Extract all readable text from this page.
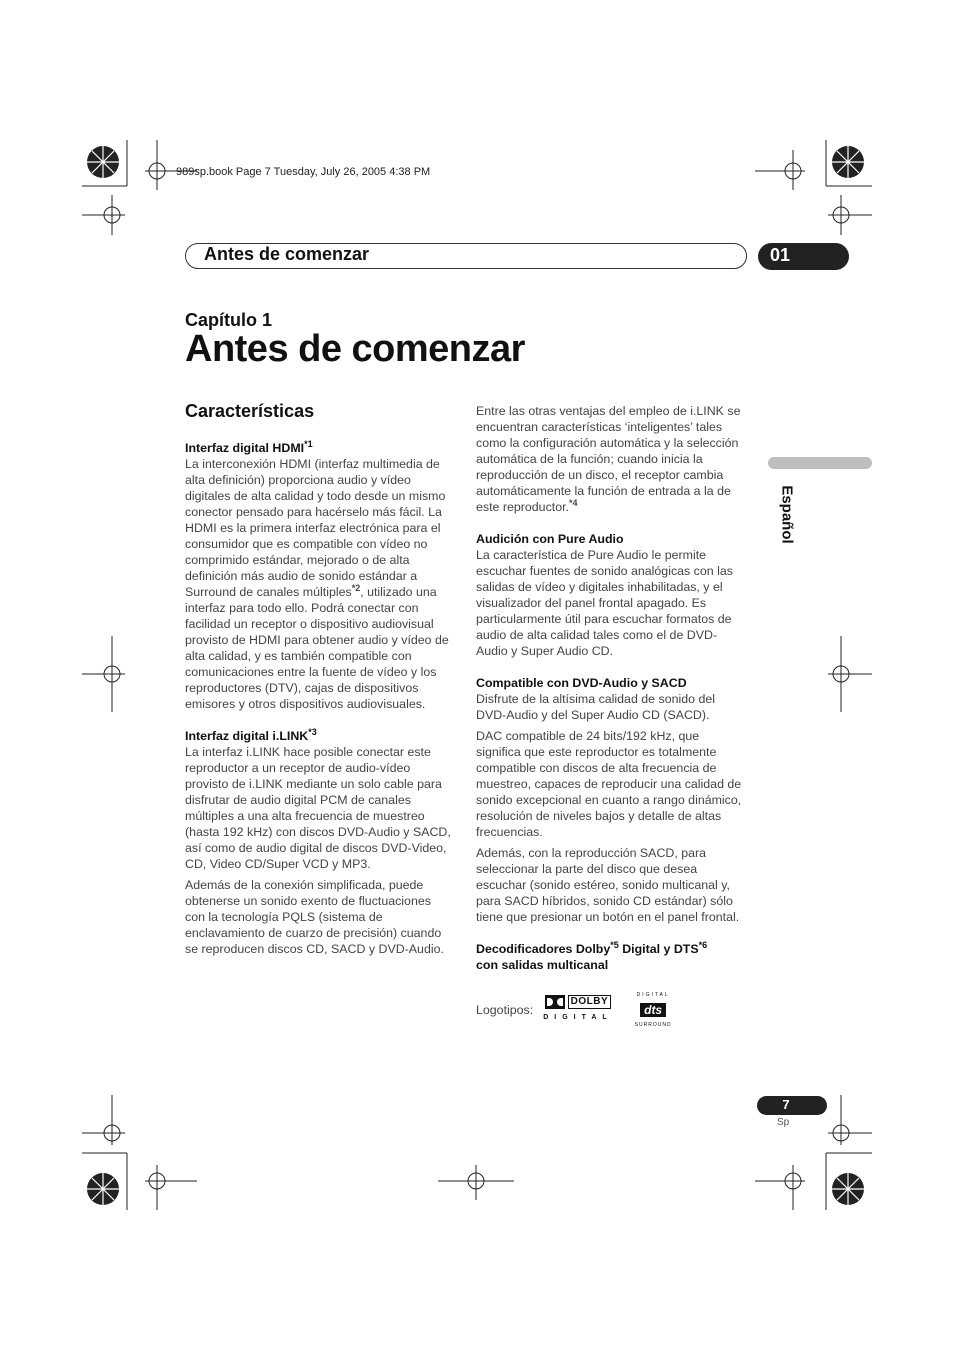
989sp.book Page 7 Tuesday, July 26, 2005 4:38 PM
Antes de comenzar	01
Capítulo 1
Antes de comenzar
Características
Interfaz digital HDMI$^{*1}$

La interconexión HDMI (interfaz multimedia de alta definición) proporciona audio y vídeo digitales de alta calidad y todo desde un mismo conector pensado para hacérselo más fácil. La HDMI es la primera interfaz electrónica para el consumidor que es compatible con vídeo no comprimido estándar, mejorado o de alta definición más audio de sonido estándar a Surround de canales múltiples$^{*2}$, utilizado una interfaz para todo ello. Podrá conectar con facilidad un receptor o dispositivo audiovisual provisto de HDMI para obtener audio y vídeo de alta calidad, y es también compatible con comunicaciones entre la fuente de vídeo y los reproductores (DTV), cajas de dispositivos emisores y otros dispositivos audiovisuales.

Interfaz digital i.LINK$^{*3}$

La interfaz i.LINK hace posible conectar este reproductor a un receptor de audio-vídeo provisto de i.LINK mediante un solo cable para disfrutar de audio digital PCM de canales múltiples a una alta frecuencia de muestreo (hasta 192 kHz) con discos DVD-Audio y SACD, así como de audio digital de discos DVD-Video, CD, Video CD/Super VCD y MP3.

Además de la conexión simplificada, puede obtenerse un sonido exento de fluctuaciones con la tecnología PQLS (sistema de enclavamiento de cuarzo de precisión) cuando se reproducen discos CD, SACD y DVD-Audio.

Entre las otras ventajas del empleo de i.LINK se encuentran características ‘inteligentes’ tales como la configuración automática y la selección automática de la función; cuando inicia la reproducción de un disco, el receptor cambia automáticamente la función de entrada a la de este reproductor.$^{*4}$

Audición con Pure Audio

La característica de Pure Audio le permite escuchar fuentes de sonido analógicas con las salidas de vídeo y digitales inhabilitadas, y el visualizador del panel frontal apagado. Es particularmente útil para escuchar formatos de audio de alta calidad tales como el de DVD-Audio y Super Audio CD.

Compatible con DVD-Audio y SACD

Disfrute de la altísima calidad de sonido del DVD-Audio y del Super Audio CD (SACD).

DAC compatible de 24 bits/192 kHz, que significa que este reproductor es totalmente compatible con discos de alta frecuencia de muestreo, capaces de reproducir una calidad de sonido excepcional en cuanto a rango dinámico, resolución de niveles bajos y detalle de altas frecuencias.

Además, con la reproducción SACD, para seleccionar la parte del disco que desea escuchar (sonido estéreo, sonido multicanal y, para SACD híbridos, sonido CD estándar) sólo tiene que presionar un botón en el panel frontal.

Decodificadores Dolby$^{*5}$ Digital y DTS$^{*6}$
con salidas multicanal
Logotipos:
DOLBY
DIGITAL
DIGITAL
dts
SURROUND
Español
7
Sp
